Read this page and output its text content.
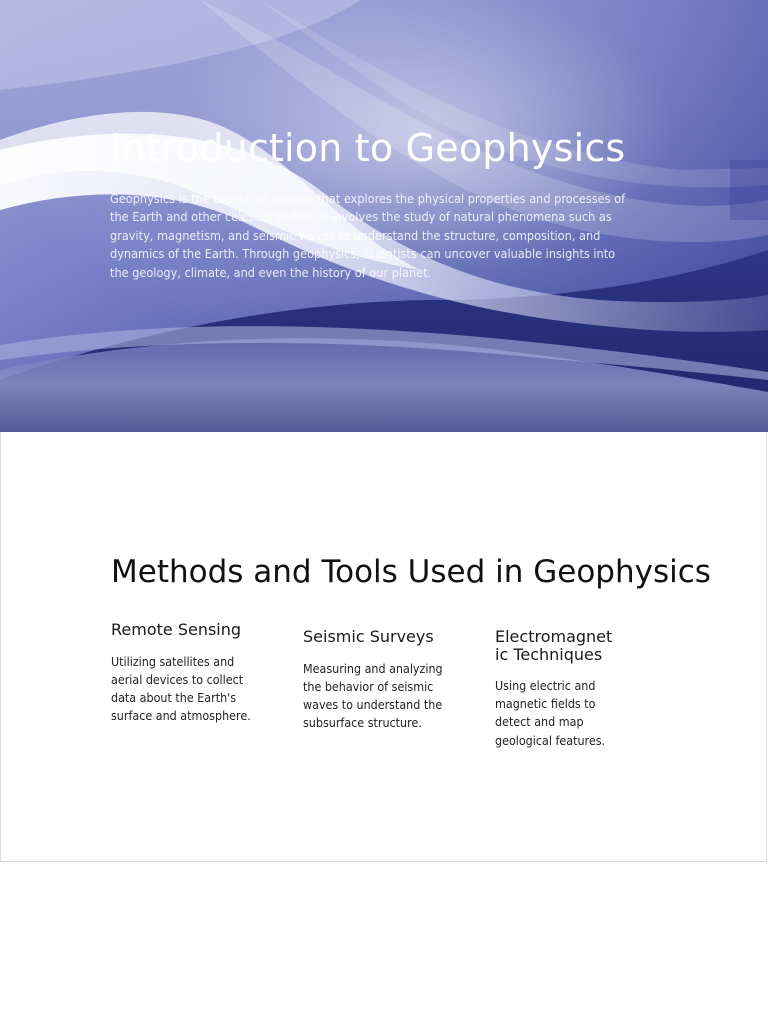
Introduction to Geophysics

Geophysics is the branch of science that explores the physical properties and processes of the Earth and other celestial bodies. It involves the study of natural phenomena such as gravity, magnetism, and seismic waves to understand the structure, composition, and dynamics of the Earth. Through geophysics, scientists can uncover valuable insights into the geology, climate, and even the history of our planet.

Methods and Tools Used in Geophysics
Remote Sensing

Utilizing satellites and aerial devices to collect data about the Earth's surface and atmosphere.

Seismic Surveys

Measuring and analyzing the behavior of seismic waves to understand the subsurface structure.

Electromagnetic Techniques

Using electric and magnetic fields to detect and map geological features.
